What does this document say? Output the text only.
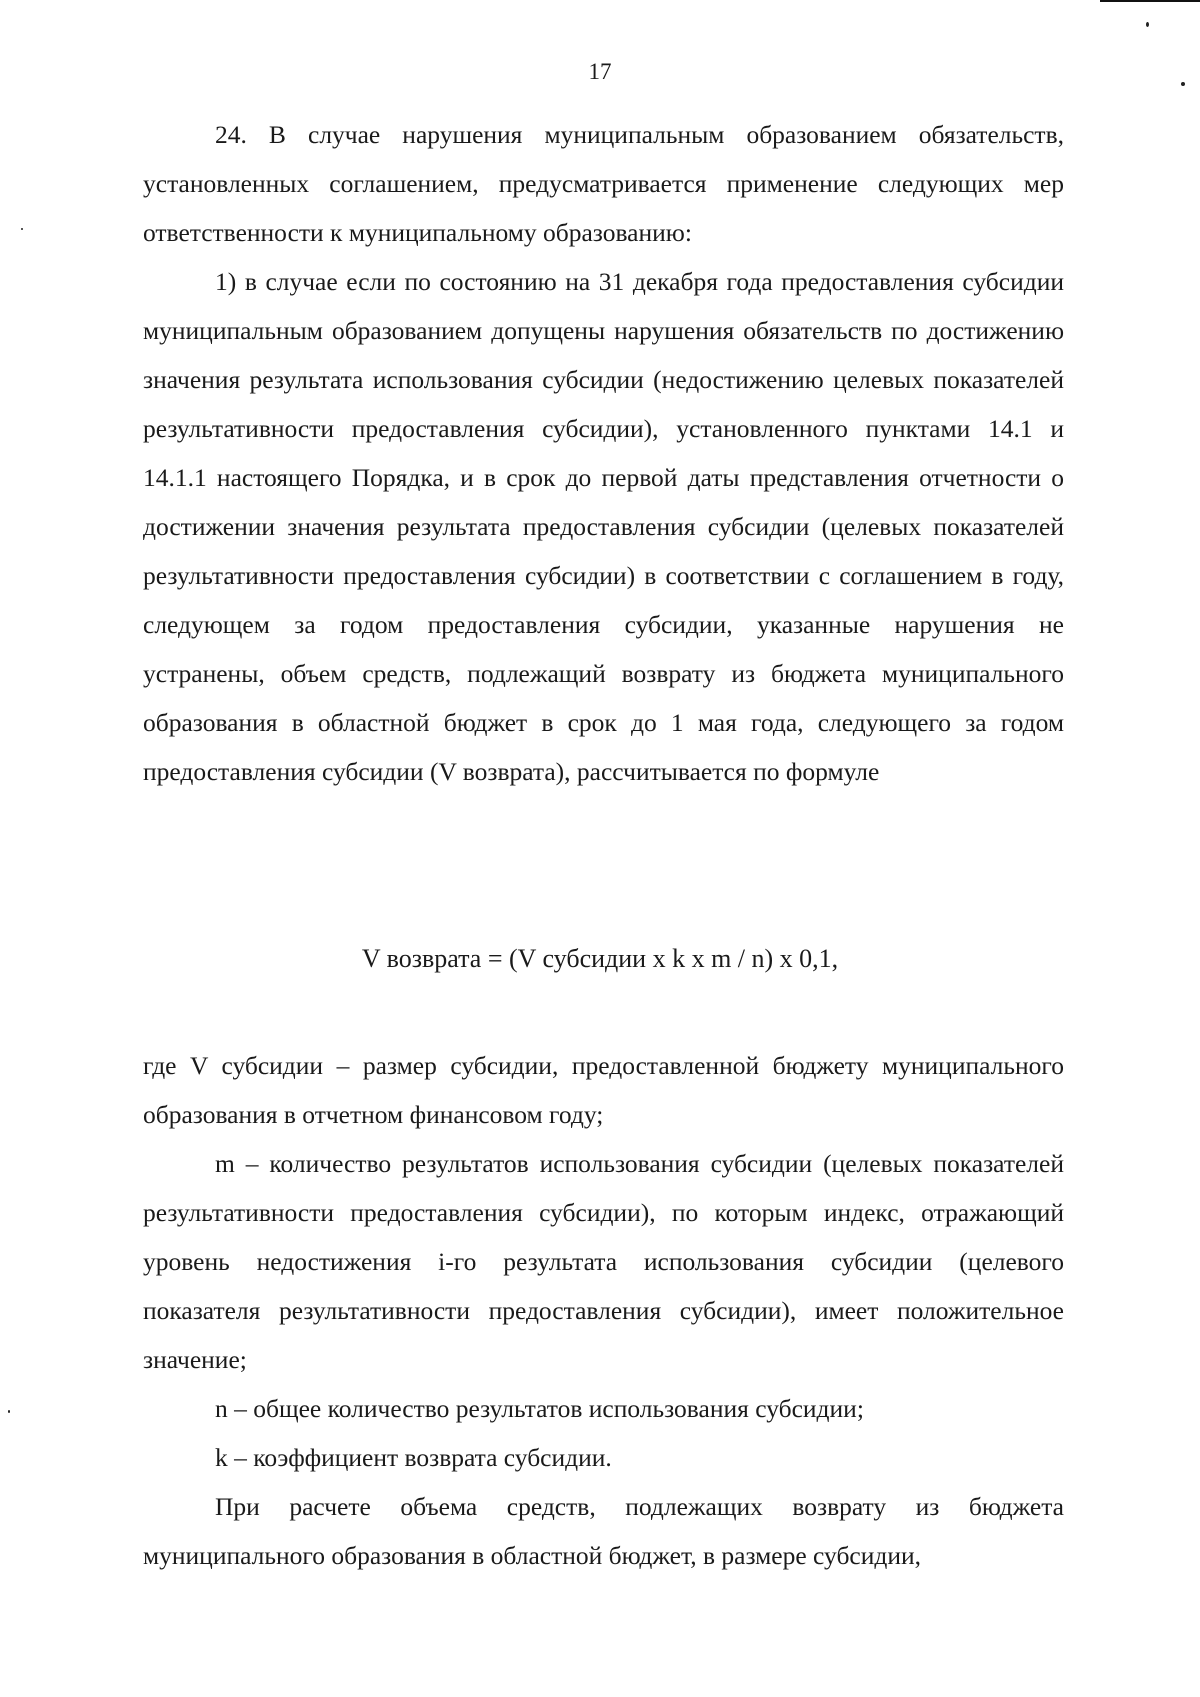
17

24. В случае нарушения муниципальным образованием обязательств, установленных соглашением, предусматривается применение следующих мер ответственности к муниципальному образованию:

1) в случае если по состоянию на 31 декабря года предоставления субсидии муниципальным образованием допущены нарушения обязательств по достижению значения результата использования субсидии (недостижению целевых показателей результативности предоставления субсидии), установленного пунктами 14.1 и 14.1.1 настоящего Порядка, и в срок до первой даты представления отчетности о достижении значения результата предоставления субсидии (целевых показателей результативности предоставления субсидии) в соответствии с соглашением в году, следующем за годом предоставления субсидии, указанные нарушения не устранены, объем средств, подлежащий возврату из бюджета муниципального образования в областной бюджет в срок до 1 мая года, следующего за годом предоставления субсидии (V возврата), рассчитывается по формуле

V возврата = (V субсидии x k x m / n) x 0,1,

где V субсидии – размер субсидии, предоставленной бюджету муниципального образования в отчетном финансовом году;

m – количество результатов использования субсидии (целевых показателей результативности предоставления субсидии), по которым индекс, отражающий уровень недостижения i-го результата использования субсидии (целевого показателя результативности предоставления субсидии), имеет положительное значение;

n – общее количество результатов использования субсидии;

k – коэффициент возврата субсидии.

При расчете объема средств, подлежащих возврату из бюджета муниципального образования в областной бюджет, в размере субсидии,
